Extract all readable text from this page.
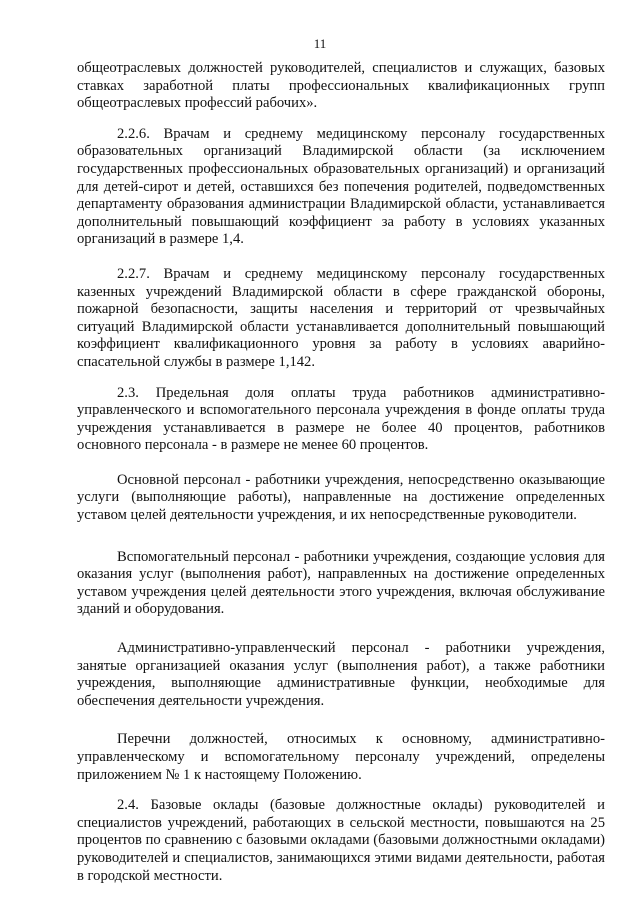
11

общеотраслевых должностей руководителей, специалистов и служащих, базовых ставках заработной платы профессиональных квалификационных групп общеотраслевых профессий рабочих».

2.2.6. Врачам и среднему медицинскому персоналу государственных образовательных организаций Владимирской области (за исключением государственных профессиональных образовательных организаций) и организаций для детей-сирот и детей, оставшихся без попечения родителей, подведомственных департаменту образования администрации Владимирской области, устанавливается дополнительный повышающий коэффициент за работу в условиях указанных организаций в размере 1,4.

2.2.7. Врачам и среднему медицинскому персоналу государственных казенных учреждений Владимирской области в сфере гражданской обороны, пожарной безопасности, защиты населения и территорий от чрезвычайных ситуаций Владимирской области устанавливается дополнительный повышающий коэффициент квалификационного уровня за работу в условиях аварийно-спасательной службы в размере 1,142.

2.3. Предельная доля оплаты труда работников административно-управленческого и вспомогательного персонала учреждения в фонде оплаты труда учреждения устанавливается в размере не более 40 процентов, работников основного персонала - в размере не менее 60 процентов.

Основной персонал - работники учреждения, непосредственно оказывающие услуги (выполняющие работы), направленные на достижение определенных уставом целей деятельности учреждения, и их непосредственные руководители.

Вспомогательный персонал - работники учреждения, создающие условия для оказания услуг (выполнения работ), направленных на достижение определенных уставом учреждения целей деятельности этого учреждения, включая обслуживание зданий и оборудования.

Административно-управленческий персонал - работники учреждения, занятые организацией оказания услуг (выполнения работ), а также работники учреждения, выполняющие административные функции, необходимые для обеспечения деятельности учреждения.

Перечни должностей, относимых к основному, административно-управленческому и вспомогательному персоналу учреждений, определены приложением № 1 к настоящему Положению.

2.4. Базовые оклады (базовые должностные оклады) руководителей и специалистов учреждений, работающих в сельской местности, повышаются на 25 процентов по сравнению с базовыми окладами (базовыми должностными окладами) руководителей и специалистов, занимающихся этими видами деятельности, работая в городской местности.
